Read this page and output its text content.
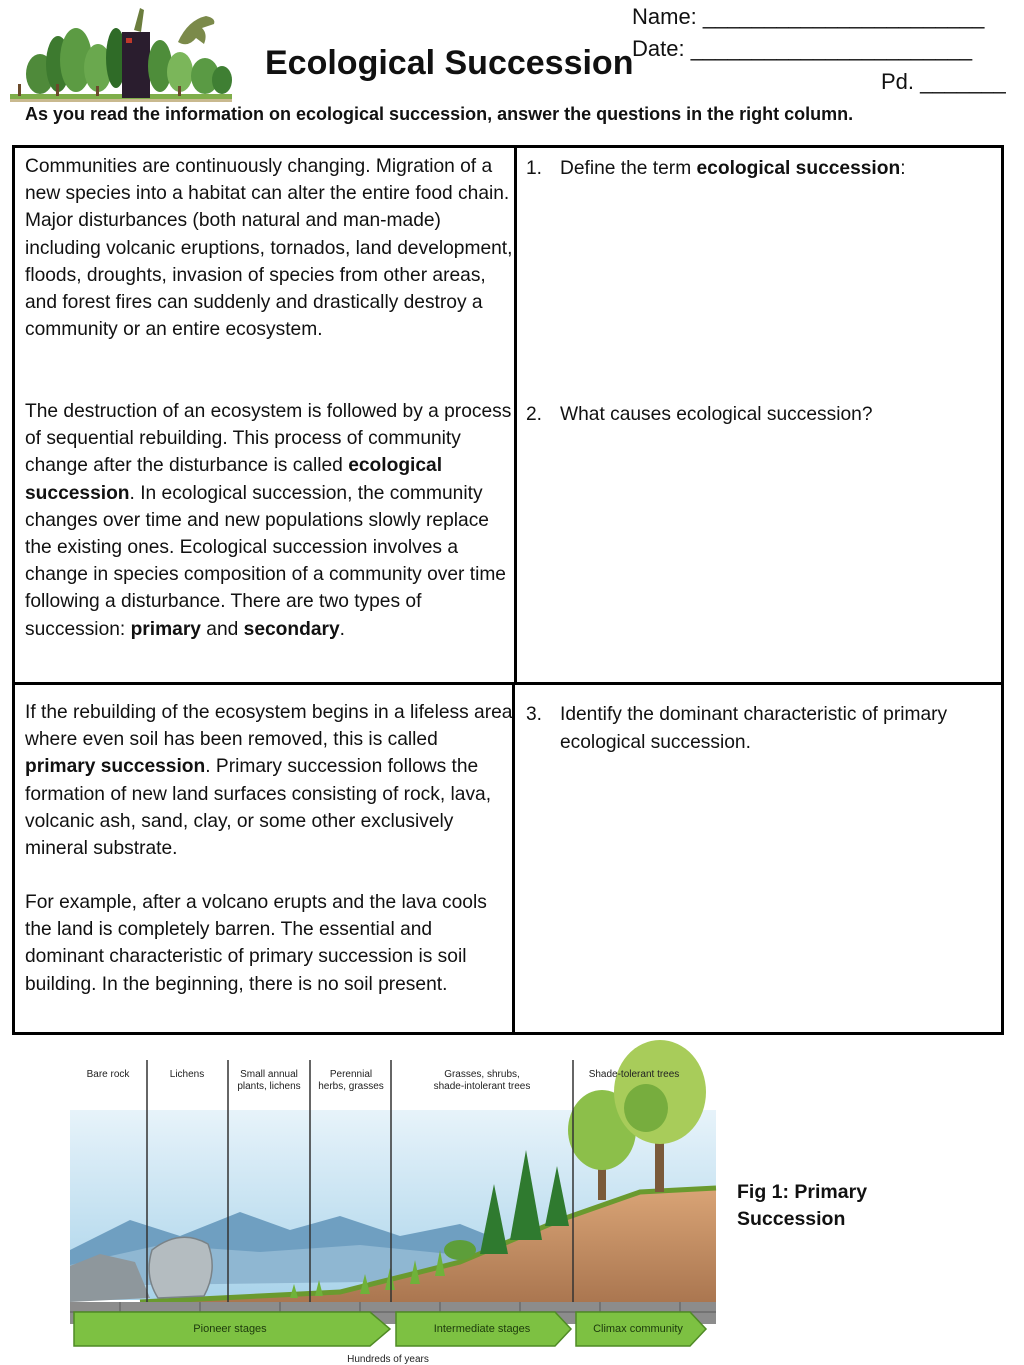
Ecological Succession
Name: _______________________
Date: _______________________
Pd. _______
As you read the information on ecological succession, answer the questions in the right column.

Communities are continuously changing. Migration of a new species into a habitat can alter the entire food chain. Major disturbances (both natural and man-made) including volcanic eruptions, tornados, land development, floods, droughts, invasion of species from other areas, and forest fires can suddenly and drastically destroy a community or an entire ecosystem.

The destruction of an ecosystem is followed by a process of sequential rebuilding. This process of community change after the disturbance is called ecological succession. In ecological succession, the community changes over time and new populations slowly replace the existing ones. Ecological succession involves a change in species composition of a community over time following a disturbance. There are two types of succession: primary and secondary.

If the rebuilding of the ecosystem begins in a lifeless area where even soil has been removed, this is called primary succession. Primary succession follows the formation of new land surfaces consisting of rock, lava, volcanic ash, sand, clay, or some other exclusively mineral substrate.

For example, after a volcano erupts and the lava cools the land is completely barren. The essential and dominant characteristic of primary succession is soil building. In the beginning, there is no soil present.

1. Define the term ecological succession:
2. What causes ecological succession?
3. Identify the dominant characteristic of primary ecological succession.
Bare rock	Lichens	Small annual
plants, lichens
Perennial
herbs, grasses
Grasses, shrubs,
shade-intolerant trees
Shade-tolerant trees
Pioneer stages	Intermediate stages	Climax community
Hundreds of years
Fig 1: Primary
Succession
